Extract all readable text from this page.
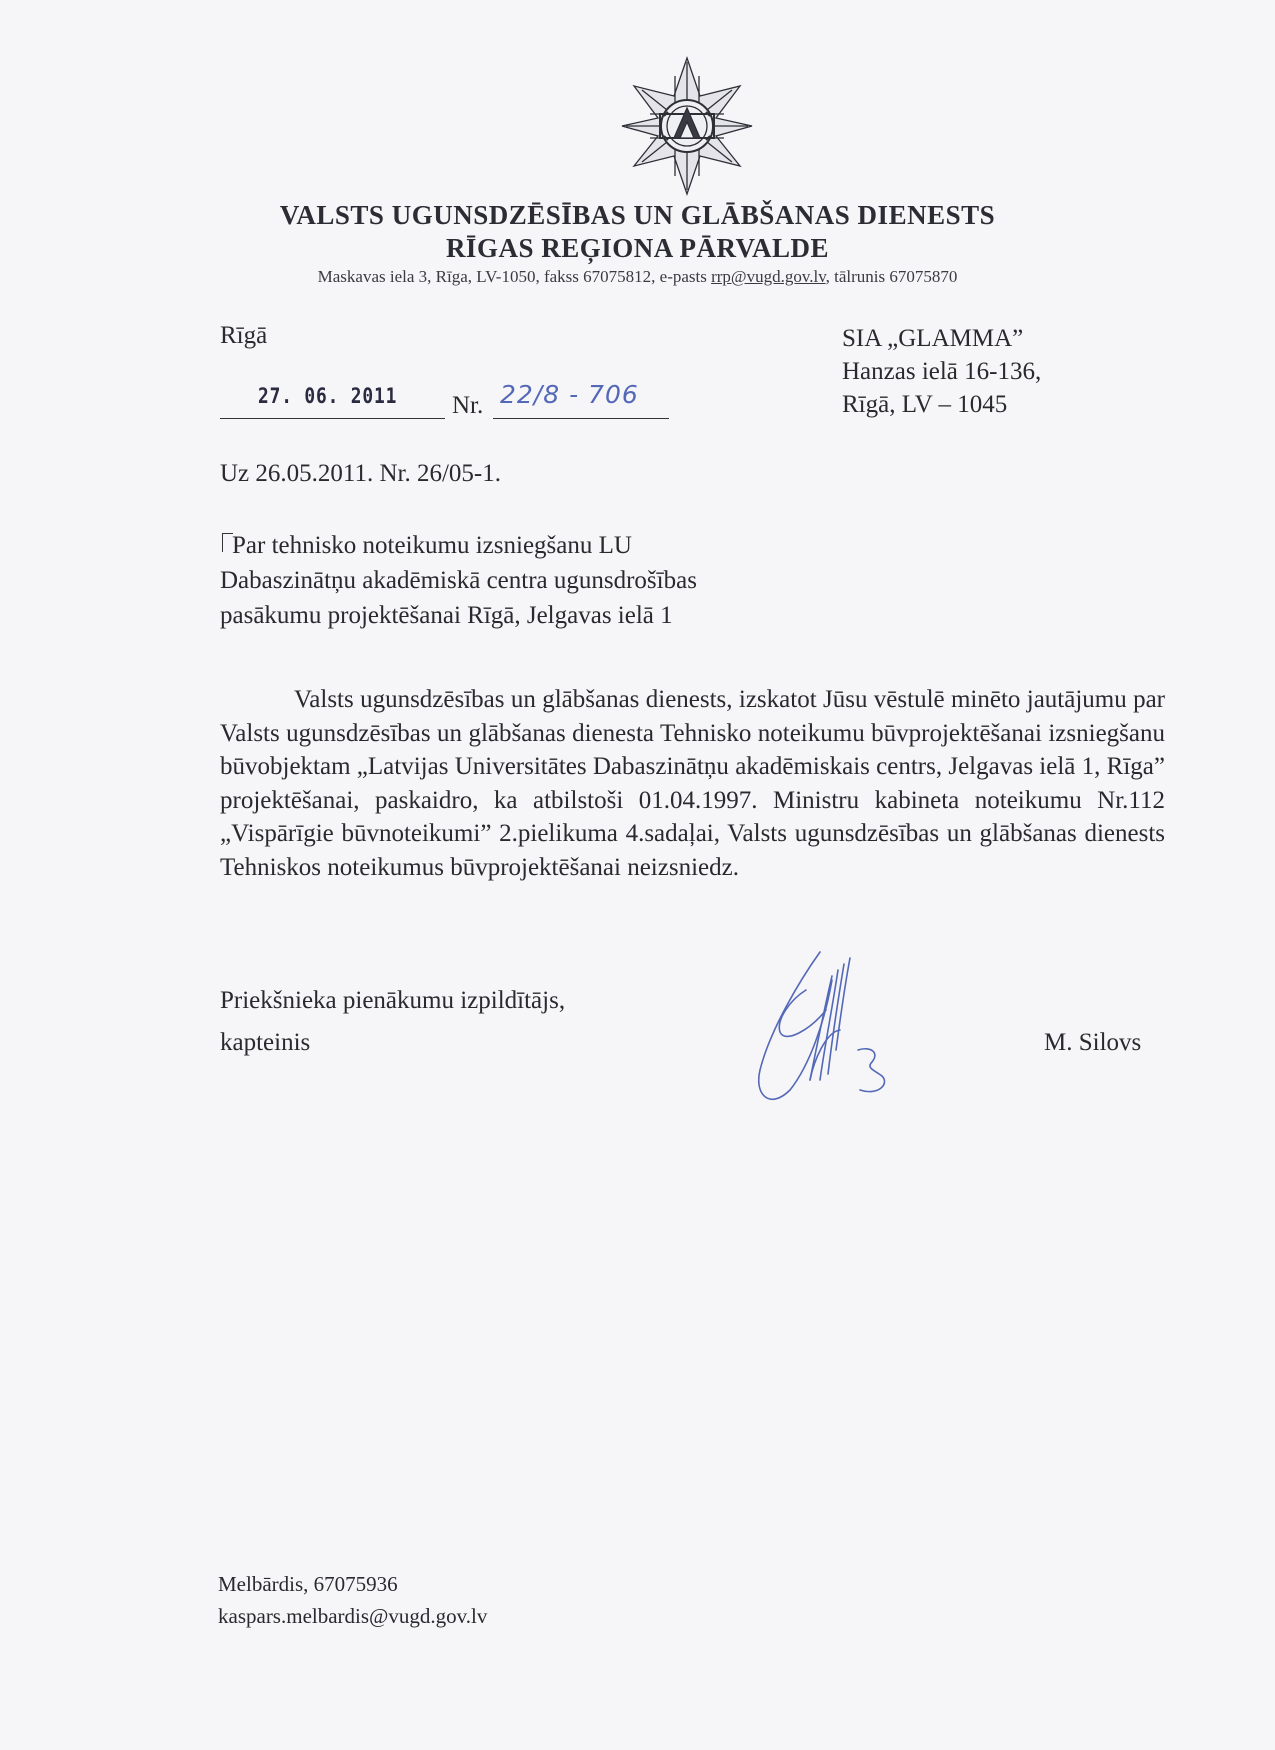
VALSTS UGUNSDZĒSĪBAS UN GLĀBŠANAS DIENESTS
RĪGAS REĢIONA PĀRVALDE
Maskavas iela 3, Rīga, LV-1050, fakss 67075812, e-pasts rrp@vugd.gov.lv, tālrunis 67075870
Rīgā
27. 06. 2011 Nr. 22/8 - 706
SIA „GLAMMA”
Hanzas ielā 16-136,
Rīgā, LV – 1045
Uz 26.05.2011. Nr. 26/05-1.
Par tehnisko noteikumu izsniegšanu LU
Dabaszinātņu akadēmiskā centra ugunsdrošības
pasākumu projektēšanai Rīgā, Jelgavas ielā 1
Valsts ugunsdzēsības un glābšanas dienests, izskatot Jūsu vēstulē minēto jautājumu par Valsts ugunsdzēsības un glābšanas dienesta Tehnisko noteikumu būvprojektēšanai izsniegšanu būvobjektam „Latvijas Universitātes Dabaszinātņu akadēmiskais centrs, Jelgavas ielā 1, Rīga” projektēšanai, paskaidro, ka atbilstoši 01.04.1997. Ministru kabineta noteikumu Nr.112 „Vispārīgie būvnoteikumi” 2.pielikuma 4.sadaļai, Valsts ugunsdzēsības un glābšanas dienests Tehniskos noteikumus būvprojektēšanai neizsniedz.
Priekšnieka pienākumu izpildītājs,
kapteinis	M. Silovs
Melbārdis, 67075936
kaspars.melbardis@vugd.gov.lv
